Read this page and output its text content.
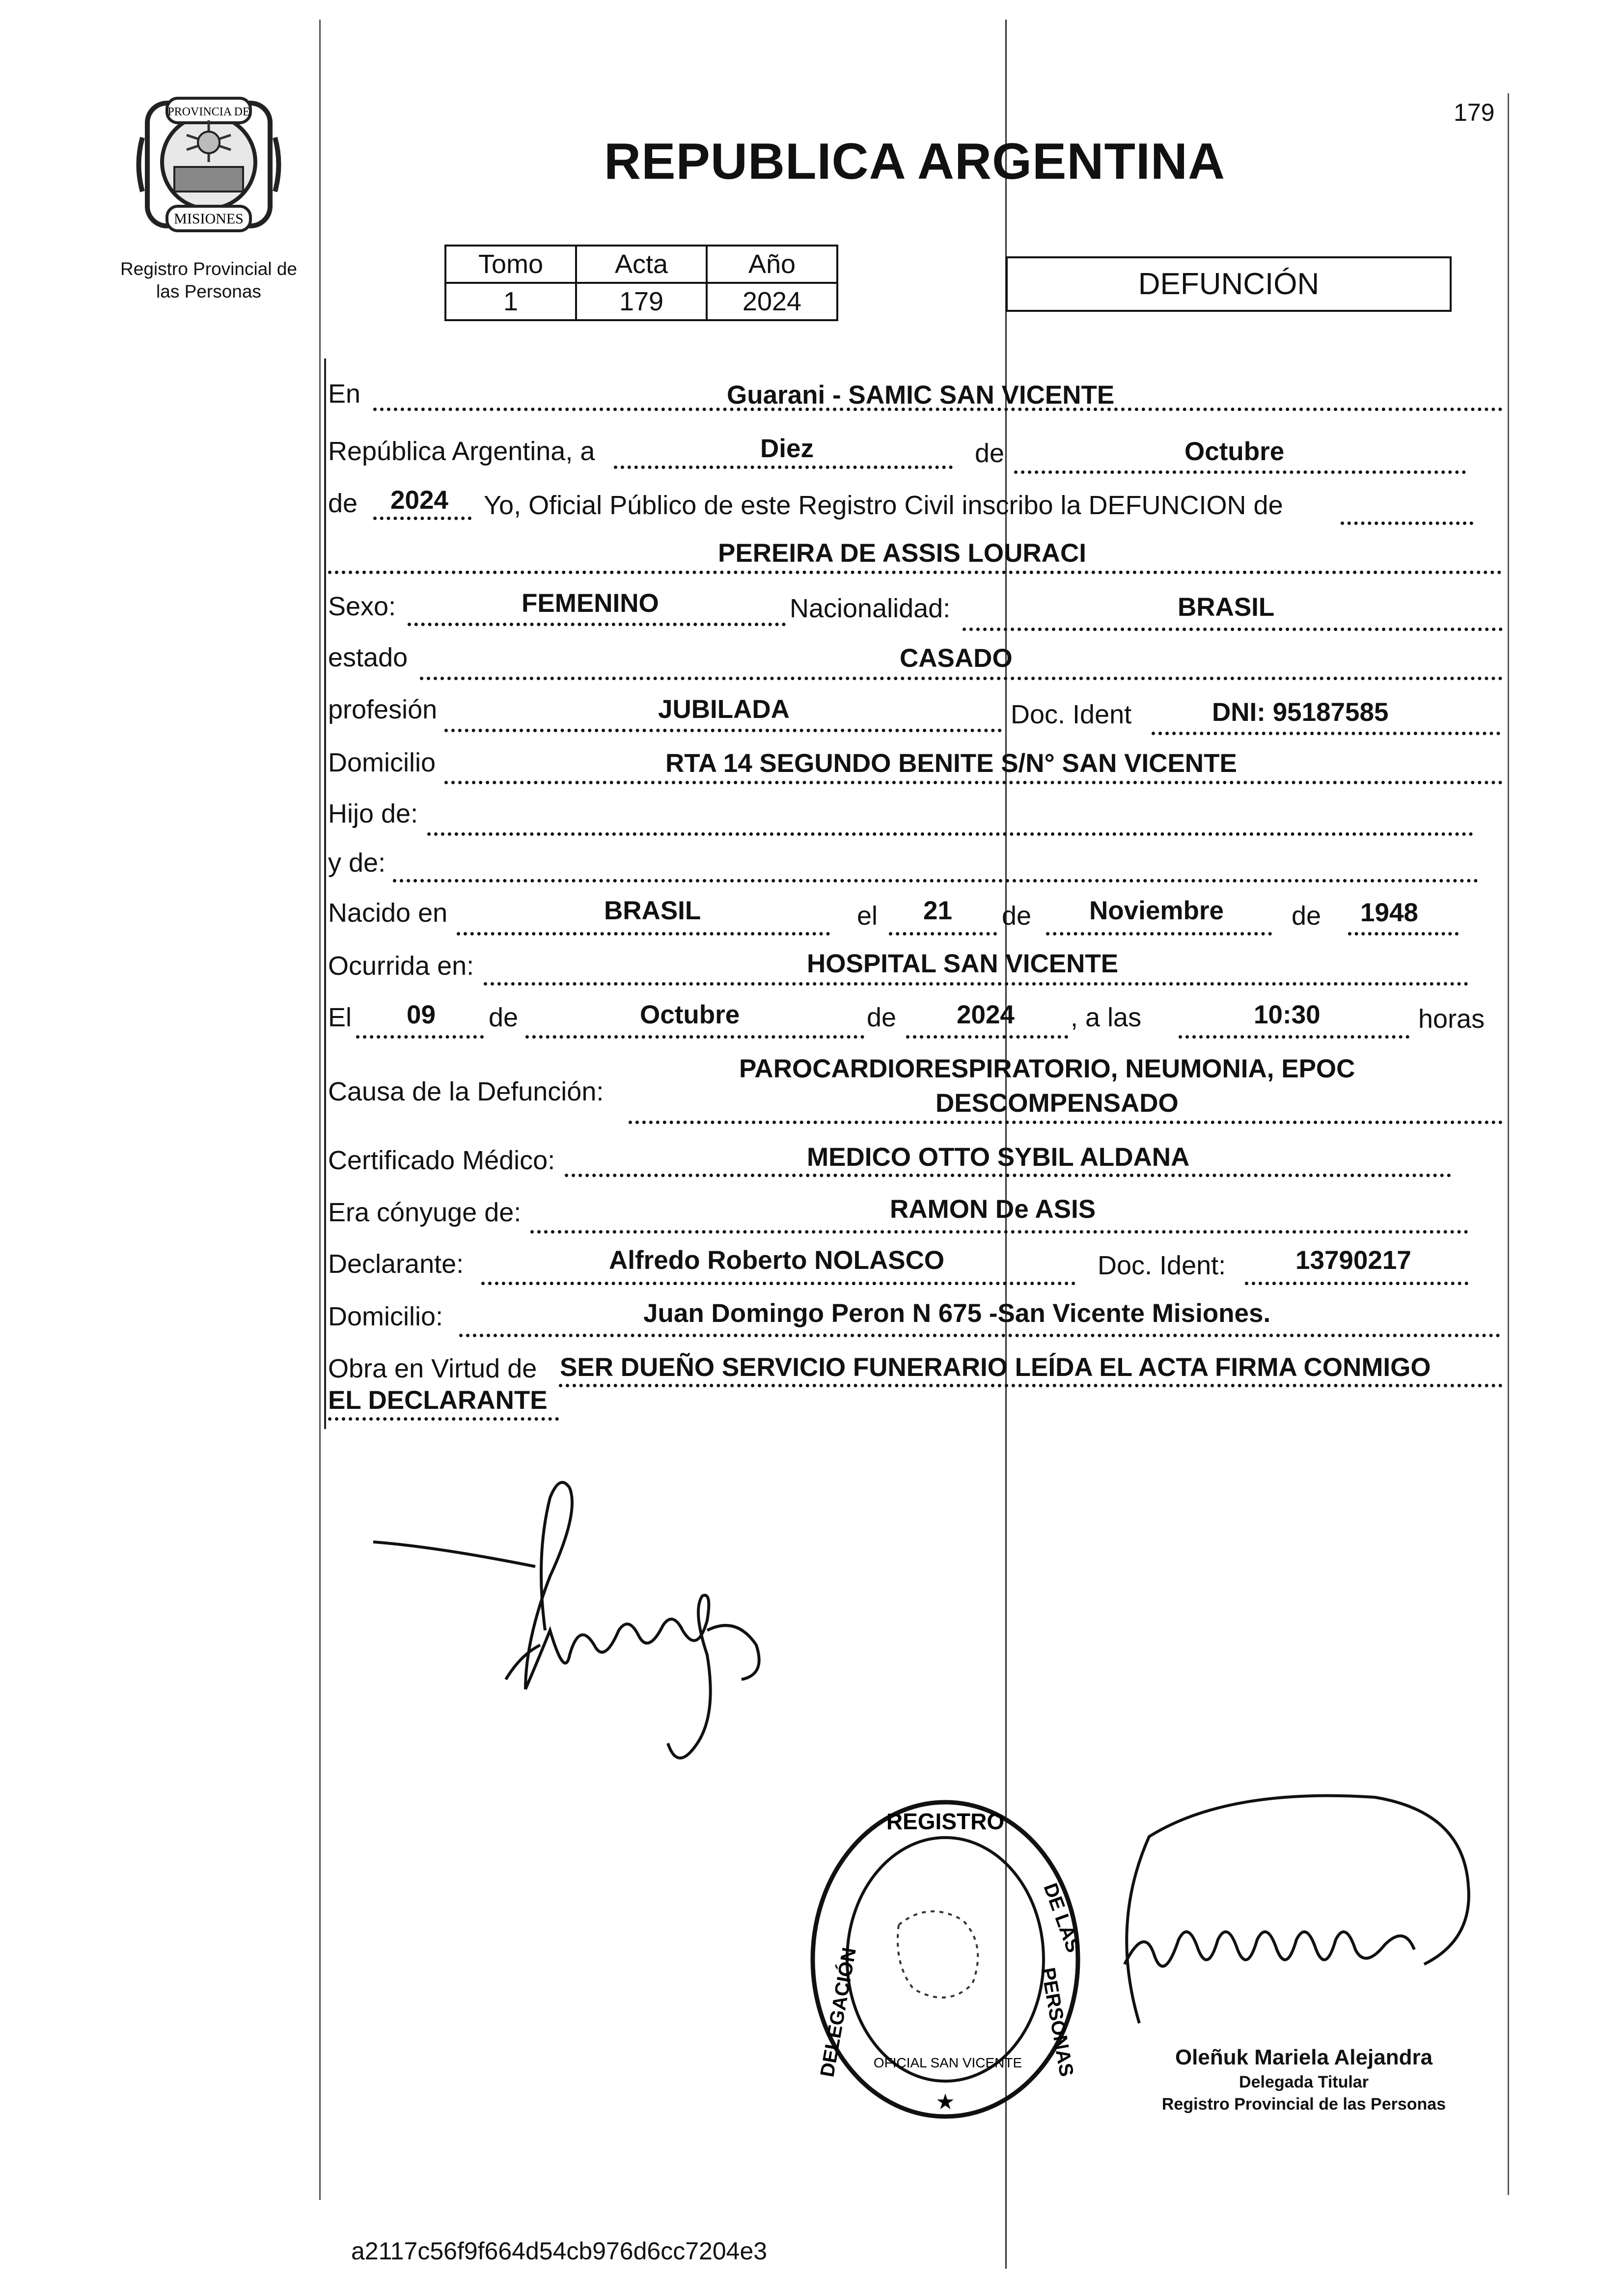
179
PROVINCIA DE
MISIONES
Registro Provincial de
las Personas
REPUBLICA ARGENTINA
Tomo	Acta	Año
1	179	2024
DEFUNCIÓN
En	Guarani - SAMIC SAN VICENTE
República Argentina, a	Diez	de	Octubre
de 2024 Yo, Oficial Público de este Registro Civil inscribo la DEFUNCION de
PEREIRA DE ASSIS LOURACI
Sexo:	FEMENINO	Nacionalidad:	BRASIL
estado	CASADO
profesión	JUBILADA	Doc. Ident	DNI: 95187585
Domicilio	RTA 14 SEGUNDO BENITE S/N° SAN VICENTE
Hijo de:
y de:
Nacido en	BRASIL	el 21 de Noviembre	de 1948
Ocurrida en:	HOSPITAL SAN VICENTE
El 09 de	Octubre	de 2024 , a las	10:30	horas
Causa de la Defunción:
PAROCARDIORESPIRATORIO, NEUMONIA, EPOC
DESCOMPENSADO
Certificado Médico:	MEDICO OTTO SYBIL ALDANA
Era cónyuge de:	RAMON De ASIS
Declarante:	Alfredo Roberto NOLASCO	Doc. Ident:	13790217
Domicilio:	Juan Domingo Peron N 675 -San Vicente Misiones.
Obra en Virtud de SER DUEÑO SERVICIO FUNERARIO LEÍDA EL ACTA FIRMA CONMIGO
EL DECLARANTE
REGISTRO
DE LAS
PERSONAS
DELEGACIÓN OFICIAL SAN VICENTE
★
Oleñuk Mariela Alejandra
Delegada Titular
Registro Provincial de las Personas
a2117c56f9f664d54cb976d6cc7204e3
